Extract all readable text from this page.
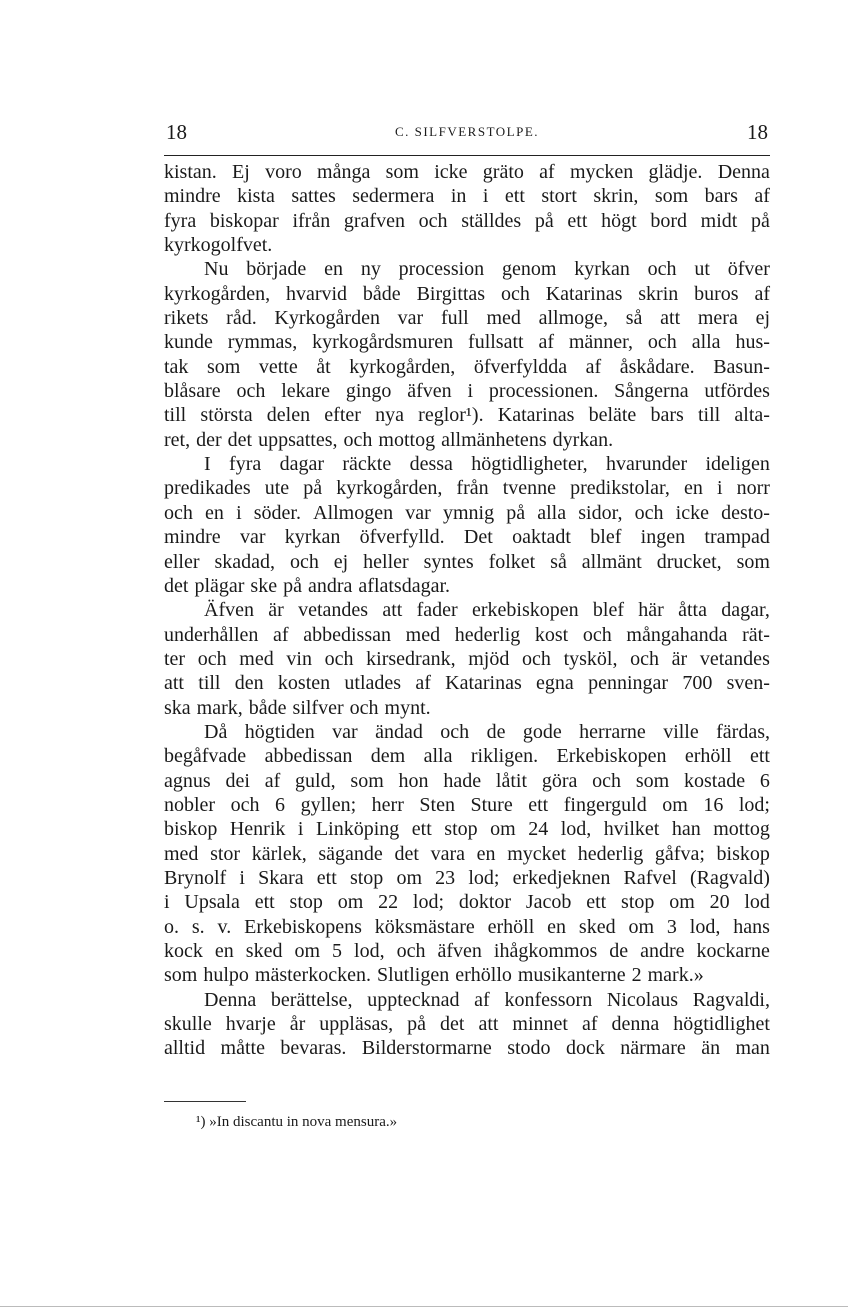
18	C. SILFVERSTOLPE.	18
kistan. Ej voro många som icke gräto af mycken glädje. Denna
mindre kista sattes sedermera in i ett stort skrin, som bars af
fyra biskopar ifrån grafven och ställdes på ett högt bord midt på
kyrkogolfvet.
Nu började en ny procession genom kyrkan och ut öfver
kyrkogården, hvarvid både Birgittas och Katarinas skrin buros af
rikets råd. Kyrkogården var full med allmoge, så att mera ej
kunde rymmas, kyrkogårdsmuren fullsatt af männer, och alla hus-
tak som vette åt kyrkogården, öfverfyldda af åskådare. Basun-
blåsare och lekare gingo äfven i processionen. Sångerna utfördes
till största delen efter nya reglor¹). Katarinas beläte bars till alta-
ret, der det uppsattes, och mottog allmänhetens dyrkan.
I fyra dagar räckte dessa högtidligheter, hvarunder ideligen
predikades ute på kyrkogården, från tvenne predikstolar, en i norr
och en i söder. Allmogen var ymnig på alla sidor, och icke desto-
mindre var kyrkan öfverfylld. Det oaktadt blef ingen trampad
eller skadad, och ej heller syntes folket så allmänt drucket, som
det plägar ske på andra aflatsdagar.
Äfven är vetandes att fader erkebiskopen blef här åtta dagar,
underhållen af abbedissan med hederlig kost och mångahanda rät-
ter och med vin och kirsedrank, mjöd och tysköl, och är vetandes
att till den kosten utlades af Katarinas egna penningar 700 sven-
ska mark, både silfver och mynt.
Då högtiden var ändad och de gode herrarne ville färdas,
begåfvade abbedissan dem alla rikligen. Erkebiskopen erhöll ett
agnus dei af guld, som hon hade låtit göra och som kostade 6
nobler och 6 gyllen; herr Sten Sture ett fingerguld om 16 lod;
biskop Henrik i Linköping ett stop om 24 lod, hvilket han mottog
med stor kärlek, sägande det vara en mycket hederlig gåfva; biskop
Brynolf i Skara ett stop om 23 lod; erkedjeknen Rafvel (Ragvald)
i Upsala ett stop om 22 lod; doktor Jacob ett stop om 20 lod
o. s. v. Erkebiskopens köksmästare erhöll en sked om 3 lod, hans
kock en sked om 5 lod, och äfven ihågkommos de andre kockarne
som hulpo mästerkocken. Slutligen erhöllo musikanterne 2 mark.»
Denna berättelse, upptecknad af konfessorn Nicolaus Ragvaldi,
skulle hvarje år uppläsas, på det att minnet af denna högtidlighet
alltid måtte bevaras. Bilderstormarne stodo dock närmare än man
¹) »In discantu in nova mensura.»
